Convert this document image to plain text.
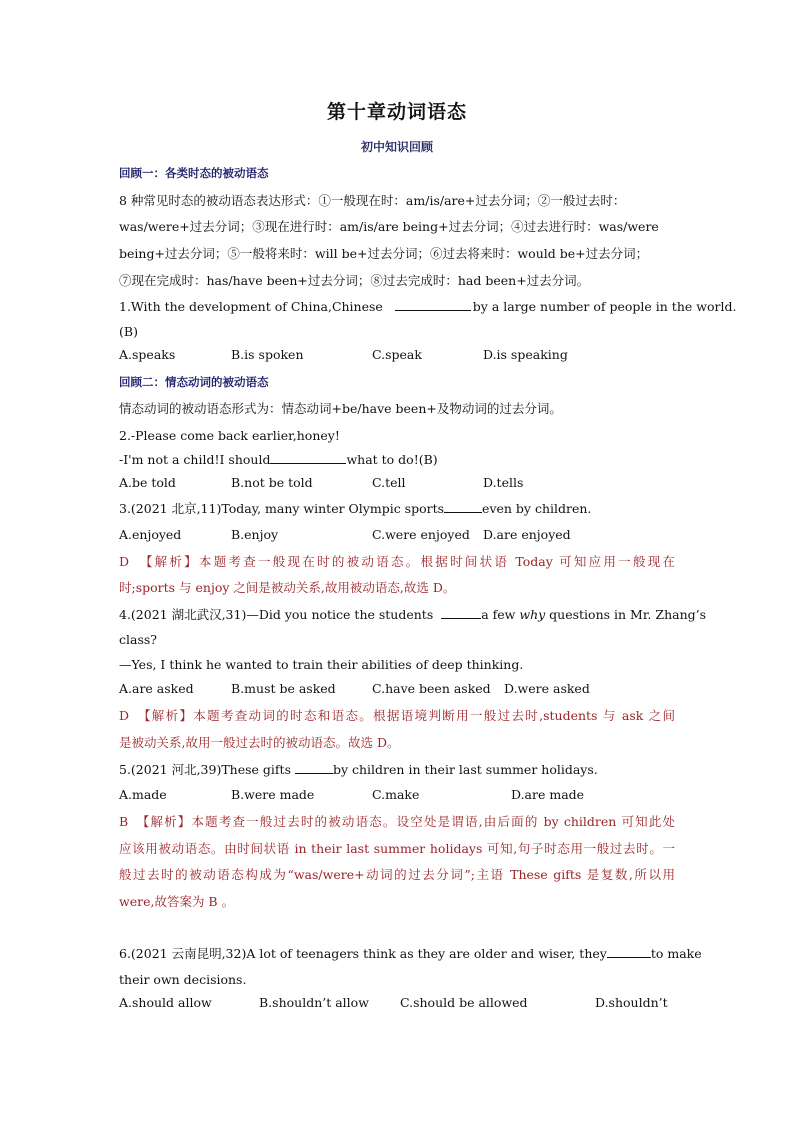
第十章动词语态
初中知识回顾
回顾一：各类时态的被动语态
8 种常见时态的被动语态表达形式：①一般现在时：am/is/are+过去分词；②一般过去时：
was/were+过去分词；③现在进行时：am/is/are being+过去分词；④过去进行时：was/were
being+过去分词；⑤一般将来时：will be+过去分词；⑥过去将来时：would be+过去分词；
⑦现在完成时：has/have been+过去分词；⑧过去完成时：had been+过去分词。
1.With the development of China,Chinese	by a large number of people in the world.
(B)
A.speaks	B.is spoken	C.speak	D.is speaking
回顾二：情态动词的被动语态
情态动词的被动语态形式为：情态动词+be/have been+及物动词的过去分词。
2.-Please come back earlier,honey!
-I'm not a child!I should	what to do!(B)
A.be told	B.not be told	C.tell	D.tells
3.(2021 北京,11)Today, many winter Olympic sports	even by children.
A.enjoyed	B.enjoy	C.were enjoyed D.are enjoyed
D　【解析】本题考查一般现在时的被动语态。根据时间状语 Today 可知应用一般现在
时;sports 与 enjoy 之间是被动关系,故用被动语态,故选 D。
4.(2021 湖北武汉,31)—Did you notice the students	a few why questions in Mr. Zhang’s
class?
—Yes, I think he wanted to train their abilities of deep thinking.
A.are asked	B.must be asked	C.have been asked D.were asked
D　【解析】本题考查动词的时态和语态。根据语境判断用一般过去时,students 与 ask 之间
是被动关系,故用一般过去时的被动语态。故选 D。
5.(2021 河北,39)These gifts	by children in their last summer holidays.
A.made	B.were made	C.make	D.are made
B　【解析】本题考查一般过去时的被动语态。设空处是谓语,由后面的 by children 可知此处
应该用被动语态。由时间状语 in their last summer holidays 可知,句子时态用一般过去时。一
般过去时的被动语态构成为“was/were+动词的过去分词”;主语 These gifts 是复数,所以用
were,故答案为 B 。
6.(2021 云南昆明,32)A lot of teenagers think as they are older and wiser, they	to make
their own decisions.
A.should allow	B.shouldn’t allow C.should be allowed	D.shouldn’t
